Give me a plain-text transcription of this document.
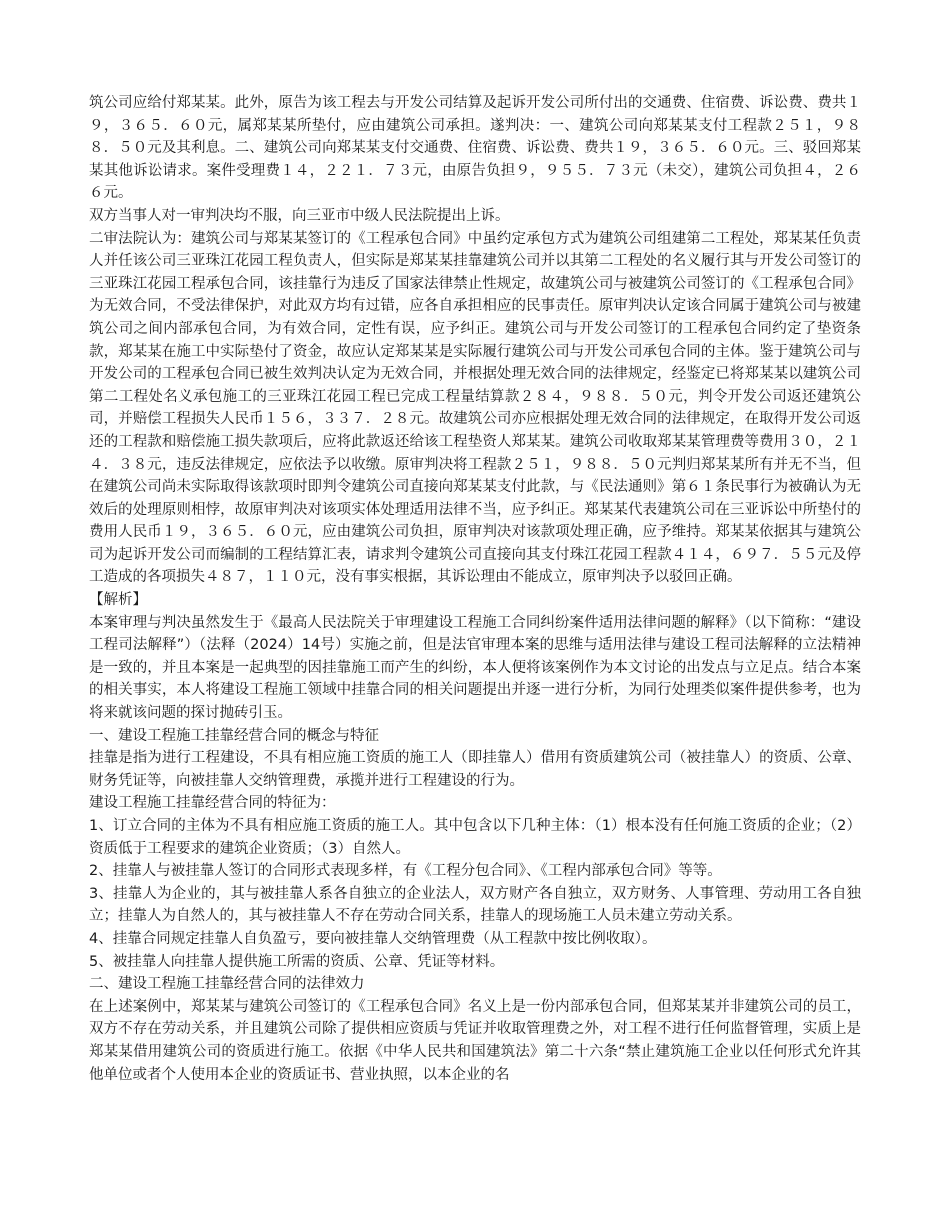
筑公司应给付郑某某。此外，原告为该工程去与开发公司结算及起诉开发公司所付出的交通费、住宿费、诉讼费、费共１９，３６５．６０元，属郑某某所垫付，应由建筑公司承担。遂判决：一、建筑公司向郑某某支付工程款２５１，９８８．５０元及其利息。二、建筑公司向郑某某支付交通费、住宿费、诉讼费、费共１９，３６５．６０元。三、驳回郑某某其他诉讼请求。案件受理费１４，２２１．７３元，由原告负担９，９５５．７３元（未交），建筑公司负担４，２６６元。

双方当事人对一审判决均不服，向三亚市中级人民法院提出上诉。

二审法院认为：建筑公司与郑某某签订的《工程承包合同》中虽约定承包方式为建筑公司组建第二工程处，郑某某任负责人并任该公司三亚珠江花园工程负责人，但实际是郑某某挂靠建筑公司并以其第二工程处的名义履行其与开发公司签订的三亚珠江花园工程承包合同，该挂靠行为违反了国家法律禁止性规定，故建筑公司与被建筑公司签订的《工程承包合同》为无效合同，不受法律保护，对此双方均有过错，应各自承担相应的民事责任。原审判决认定该合同属于建筑公司与被建筑公司之间内部承包合同，为有效合同，定性有误，应予纠正。建筑公司与开发公司签订的工程承包合同约定了垫资条款，郑某某在施工中实际垫付了资金，故应认定郑某某是实际履行建筑公司与开发公司承包合同的主体。鉴于建筑公司与开发公司的工程承包合同已被生效判决认定为无效合同，并根据处理无效合同的法律规定，经鉴定已将郑某某以建筑公司第二工程处名义承包施工的三亚珠江花园工程已完成工程量结算款２８４，９８８．５０元，判令开发公司返还建筑公司，并赔偿工程损失人民币１５６，３３７．２８元。故建筑公司亦应根据处理无效合同的法律规定，在取得开发公司返还的工程款和赔偿施工损失款项后，应将此款返还给该工程垫资人郑某某。建筑公司收取郑某某管理费等费用３０，２１４．３８元，违反法律规定，应依法予以收缴。原审判决将工程款２５１，９８８．５０元判归郑某某所有并无不当，但在建筑公司尚未实际取得该款项时即判令建筑公司直接向郑某某支付此款，与《民法通则》第６１条民事行为被确认为无效后的处理原则相悖，故原审判决对该项实体处理适用法律不当，应予纠正。郑某某代表建筑公司在三亚诉讼中所垫付的费用人民币１９，３６５．６０元，应由建筑公司负担，原审判决对该款项处理正确，应予维持。郑某某依据其与建筑公司为起诉开发公司而编制的工程结算汇表，请求判令建筑公司直接向其支付珠江花园工程款４１４，６９７．５５元及停工造成的各项损失４８７，１１０元，没有事实根据，其诉讼理由不能成立，原审判决予以驳回正确。

【解析】

本案审理与判决虽然发生于《最高人民法院关于审理建设工程施工合同纠纷案件适用法律问题的解释》（以下简称：“建设工程司法解释”）（法释（2024）14号）实施之前，但是法官审理本案的思维与适用法律与建设工程司法解释的立法精神是一致的，并且本案是一起典型的因挂靠施工而产生的纠纷，本人便将该案例作为本文讨论的出发点与立足点。结合本案的相关事实，本人将建设工程施工领域中挂靠合同的相关问题提出并逐一进行分析，为同行处理类似案件提供参考，也为将来就该问题的探讨抛砖引玉。

一、建设工程施工挂靠经营合同的概念与特征

挂靠是指为进行工程建设，不具有相应施工资质的施工人（即挂靠人）借用有资质建筑公司（被挂靠人）的资质、公章、财务凭证等，向被挂靠人交纳管理费，承揽并进行工程建设的行为。

建设工程施工挂靠经营合同的特征为：

1、订立合同的主体为不具有相应施工资质的施工人。其中包含以下几种主体：（1）根本没有任何施工资质的企业；（2）资质低于工程要求的建筑企业资质；（3）自然人。

2、挂靠人与被挂靠人签订的合同形式表现多样，有《工程分包合同》、《工程内部承包合同》等等。

3、挂靠人为企业的，其与被挂靠人系各自独立的企业法人，双方财产各自独立，双方财务、人事管理、劳动用工各自独立；挂靠人为自然人的，其与被挂靠人不存在劳动合同关系，挂靠人的现场施工人员未建立劳动关系。

4、挂靠合同规定挂靠人自负盈亏，要向被挂靠人交纳管理费（从工程款中按比例收取）。

5、被挂靠人向挂靠人提供施工所需的资质、公章、凭证等材料。

二、建设工程施工挂靠经营合同的法律效力

在上述案例中，郑某某与建筑公司签订的《工程承包合同》名义上是一份内部承包合同，但郑某某并非建筑公司的员工，双方不存在劳动关系，并且建筑公司除了提供相应资质与凭证并收取管理费之外，对工程不进行任何监督管理，实质上是郑某某借用建筑公司的资质进行施工。依据《中华人民共和国建筑法》第二十六条“禁止建筑施工企业以任何形式允许其他单位或者个人使用本企业的资质证书、营业执照，以本企业的名
